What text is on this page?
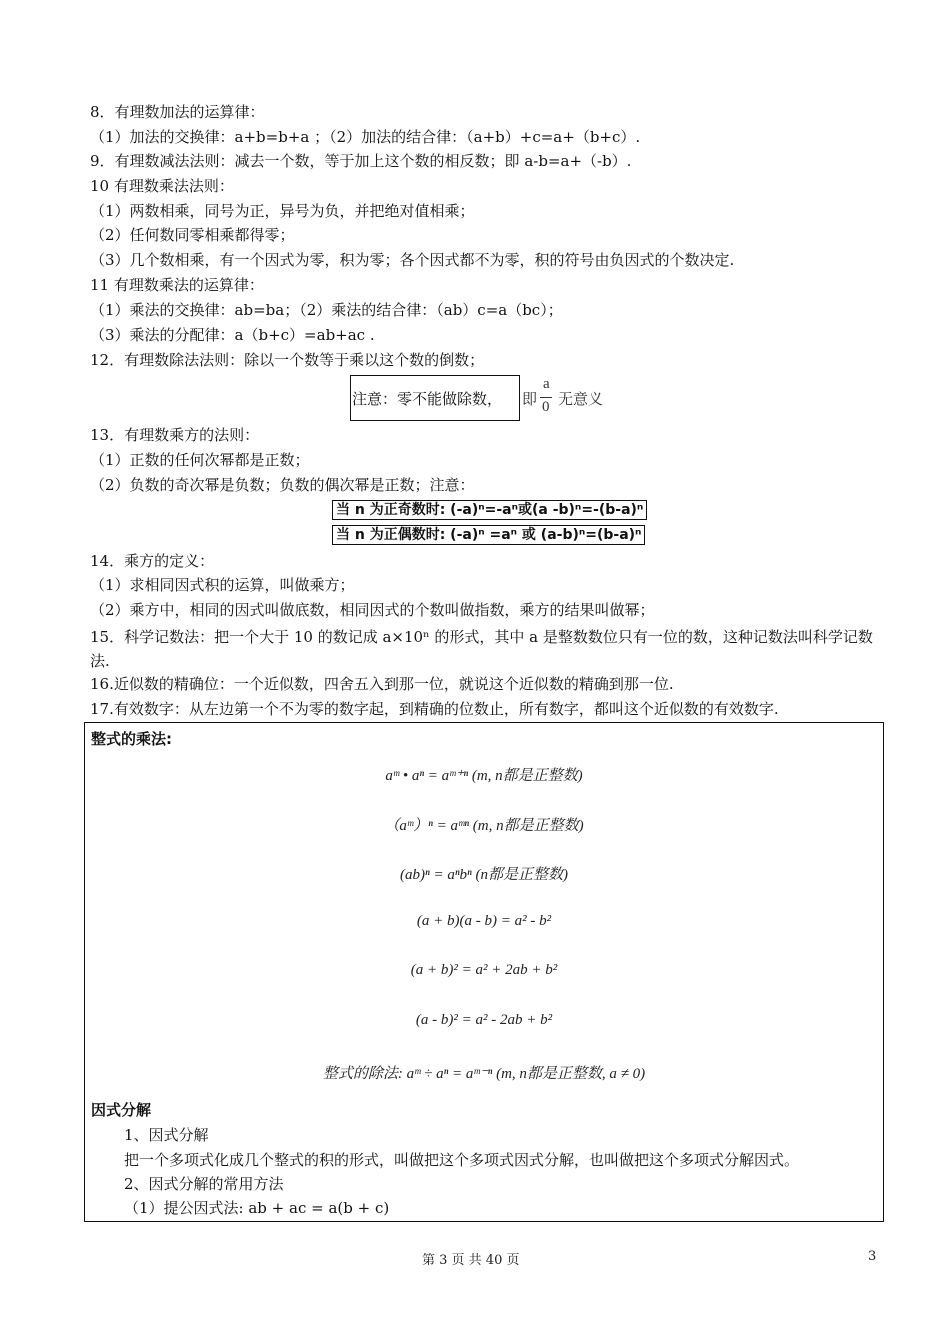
8．有理数加法的运算律：
（1）加法的交换律：a+b=b+a ；（2）加法的结合律：（a+b）+c=a+（b+c）.
9．有理数减法法则：减去一个数，等于加上这个数的相反数；即 a-b=a+（-b）.
10 有理数乘法法则：
（1）两数相乘，同号为正，异号为负，并把绝对值相乘；
（2）任何数同零相乘都得零；
（3）几个数相乘，有一个因式为零，积为零；各个因式都不为零，积的符号由负因式的个数决定.
11 有理数乘法的运算律：
（1）乘法的交换律：ab=ba；（2）乘法的结合律：（ab）c=a（bc）；
（3）乘法的分配律：a（b+c）=ab+ac .
12．有理数除法法则：除以一个数等于乘以这个数的倒数；
注意：零不能做除数， 即
a
0 无意义
13．有理数乘方的法则：
（1）正数的任何次幂都是正数；
（2）负数的奇次幂是负数；负数的偶次幂是正数；注意：
当 n 为正奇数时: (-a)ⁿ=-aⁿ或(a -b)ⁿ=-(b-a)ⁿ
当 n 为正偶数时: (-a)ⁿ =aⁿ 或 (a-b)ⁿ=(b-a)ⁿ
14．乘方的定义：
（1）求相同因式积的运算，叫做乘方；
（2）乘方中，相同的因式叫做底数，相同因式的个数叫做指数，乘方的结果叫做幂；
15．科学记数法：把一个大于 10 的数记成 a×10ⁿ 的形式，其中 a 是整数数位只有一位的数，这种记数法叫科学记数法.
16.近似数的精确位：一个近似数，四舍五入到那一位，就说这个近似数的精确到那一位.
17.有效数字：从左边第一个不为零的数字起，到精确的位数止，所有数字，都叫这个近似数的有效数字.
整式的乘法:
aᵐ • aⁿ = aᵐ⁺ⁿ (m, n都是正整数)
（aᵐ）ⁿ = aᵐⁿ (m, n都是正整数)
(ab)ⁿ = aⁿbⁿ (n都是正整数)
(a + b)(a - b) = a² - b²
(a + b)² = a² + 2ab + b²
(a - b)² = a² - 2ab + b²
整式的除法: aᵐ ÷ aⁿ = aᵐ⁻ⁿ (m, n都是正整数, a ≠ 0)
因式分解
1、因式分解
把一个多项式化成几个整式的积的形式，叫做把这个多项式因式分解，也叫做把这个多项式分解因式。
2、因式分解的常用方法
（1）提公因式法: ab + ac = a(b + c)
第 3 页 共 40 页	3
